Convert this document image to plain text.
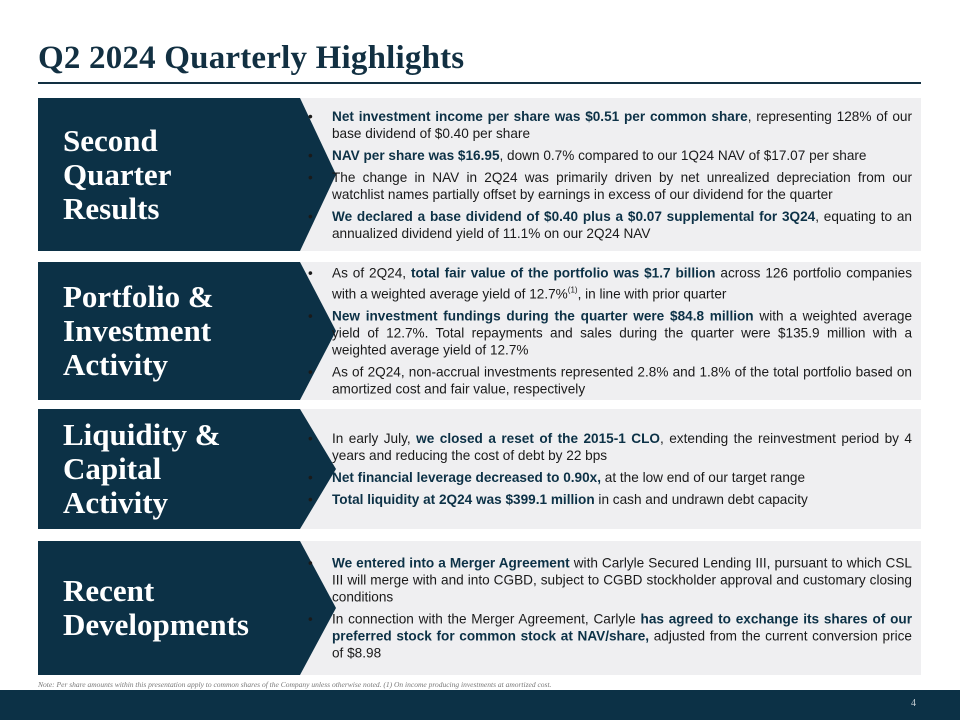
Q2 2024 Quarterly Highlights
Second
Quarter
Results
• Net investment income per share was $0.51 per common share, representing 128% of our base dividend of $0.40 per share
• NAV per share was $16.95, down 0.7% compared to our 1Q24 NAV of $17.07 per share
• The change in NAV in 2Q24 was primarily driven by net unrealized depreciation from our watchlist names partially offset by earnings in excess of our dividend for the quarter
• We declared a base dividend of $0.40 plus a $0.07 supplemental for 3Q24, equating to an annualized dividend yield of 11.1% on our 2Q24 NAV
Portfolio &
Investment
Activity
• As of 2Q24, total fair value of the portfolio was $1.7 billion across 126 portfolio companies with a weighted average yield of 12.7%$^{(1)}$, in line with prior quarter
• New investment fundings during the quarter were $84.8 million with a weighted average yield of 12.7%. Total repayments and sales during the quarter were $135.9 million with a weighted average yield of 12.7%
• As of 2Q24, non-accrual investments represented 2.8% and 1.8% of the total portfolio based on amortized cost and fair value, respectively
Liquidity &
Capital
Activity
• In early July, we closed a reset of the 2015-1 CLO, extending the reinvestment period by 4 years and reducing the cost of debt by 22 bps
• Net financial leverage decreased to 0.90x, at the low end of our target range
• Total liquidity at 2Q24 was $399.1 million in cash and undrawn debt capacity
Recent
Developments
• We entered into a Merger Agreement with Carlyle Secured Lending III, pursuant to which CSL III will merge with and into CGBD, subject to CGBD stockholder approval and customary closing conditions
• In connection with the Merger Agreement, Carlyle has agreed to exchange its shares of our preferred stock for common stock at NAV/share, adjusted from the current conversion price of $8.98

Note: Per share amounts within this presentation apply to common shares of the Company unless otherwise noted. (1) On income producing investments at amortized cost.

4
